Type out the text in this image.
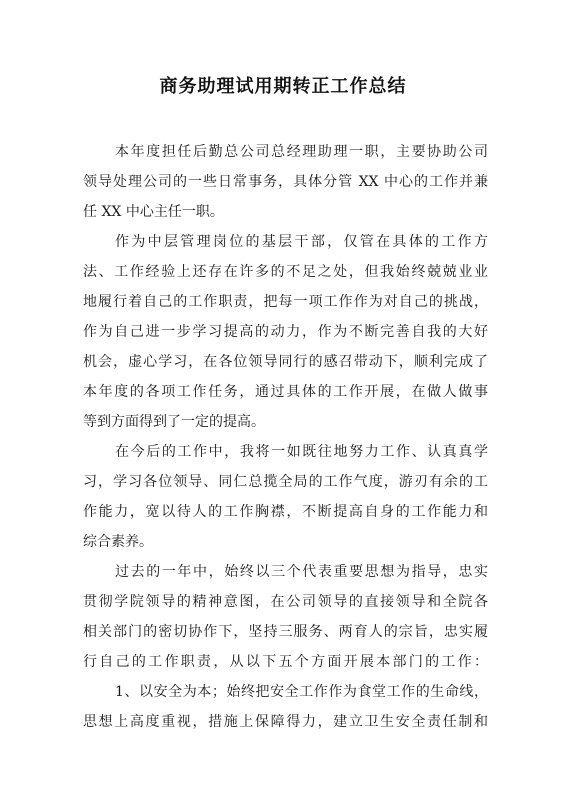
商务助理试用期转正工作总结
本年度担任后勤总公司总经理助理一职，主要协助公司
领导处理公司的一些日常事务，具体分管 XX 中心的工作并兼
任 XX 中心主任一职。
作为中层管理岗位的基层干部，仅管在具体的工作方
法、工作经验上还存在许多的不足之处，但我始终兢兢业业
地履行着自己的工作职责，把每一项工作作为对自己的挑战，
作为自己进一步学习提高的动力，作为不断完善自我的大好
机会，虚心学习，在各位领导同行的感召带动下，顺利完成了
本年度的各项工作任务，通过具体的工作开展，在做人做事
等到方面得到了一定的提高。
在今后的工作中，我将一如既往地努力工作、认真真学
习，学习各位领导、同仁总揽全局的工作气度，游刃有余的工
作能力，宽以待人的工作胸襟，不断提高自身的工作能力和
综合素养。
过去的一年中，始终以三个代表重要思想为指导，忠实
贯彻学院领导的精神意图，在公司领导的直接领导和全院各
相关部门的密切协作下，坚持三服务、两育人的宗旨，忠实履
行自己的工作职责，从以下五个方面开展本部门的工作：
1、以安全为本；始终把安全工作作为食堂工作的生命线，
思想上高度重视，措施上保障得力，建立卫生安全责任制和
